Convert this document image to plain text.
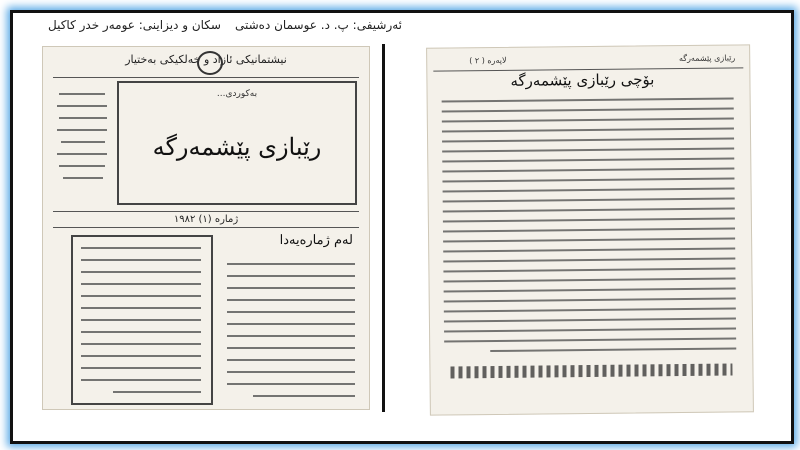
سکان و دیزاینی: عومەر خدر کاکیل ئەرشیفی: پ. د. عوسمان دەشتی
نیشتمانیکی ئازاد و خەلکیکی بەختیار
بەکوردی...
رێبازی پێشمەرگە
ژمارە (۱) ١٩٨٢
لەم ژمارەیەدا
لاپەرە ( ٢ )	رێبازی پێشمەرگە
بۆچی رێبازی پێشمەرگە
